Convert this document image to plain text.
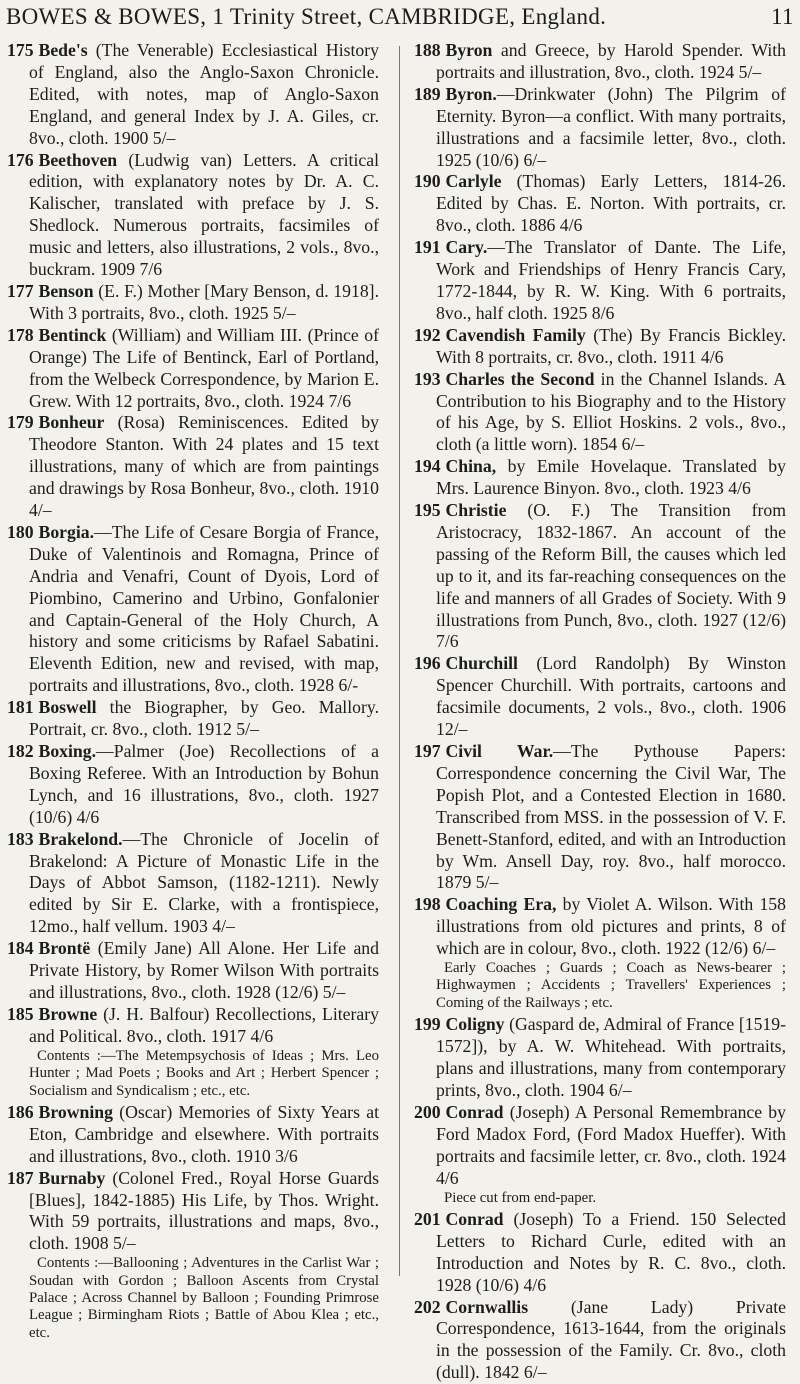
BOWES & BOWES, 1 Trinity Street, CAMBRIDGE, England.	11

175 Bede's (The Venerable) Ecclesiastical History of England, also the Anglo-Saxon Chronicle. Edited, with notes, map of Anglo-Saxon England, and general Index by J. A. Giles, cr. 8vo., cloth. 1900 5/–

176 Beethoven (Ludwig van) Letters. A critical edition, with explanatory notes by Dr. A. C. Kalischer, translated with preface by J. S. Shedlock. Numerous portraits, facsimiles of music and letters, also illustrations, 2 vols., 8vo., buckram. 1909 7/6

177 Benson (E. F.) Mother [Mary Benson, d. 1918]. With 3 portraits, 8vo., cloth. 1925 5/–

178 Bentinck (William) and William III. (Prince of Orange) The Life of Bentinck, Earl of Portland, from the Welbeck Correspondence, by Marion E. Grew. With 12 portraits, 8vo., cloth. 1924 7/6

179 Bonheur (Rosa) Reminiscences. Edited by Theodore Stanton. With 24 plates and 15 text illustrations, many of which are from paintings and drawings by Rosa Bonheur, 8vo., cloth. 1910 4/–

180 Borgia.—The Life of Cesare Borgia of France, Duke of Valentinois and Romagna, Prince of Andria and Venafri, Count of Dyois, Lord of Piombino, Camerino and Urbino, Gonfalonier and Captain-General of the Holy Church, A history and some criticisms by Rafael Sabatini. Eleventh Edition, new and revised, with map, portraits and illustrations, 8vo., cloth. 1928 6/-

181 Boswell the Biographer, by Geo. Mallory. Portrait, cr. 8vo., cloth. 1912 5/–

182 Boxing.—Palmer (Joe) Recollections of a Boxing Referee. With an Introduction by Bohun Lynch, and 16 illustrations, 8vo., cloth. 1927 (10/6) 4/6

183 Brakelond.—The Chronicle of Jocelin of Brakelond: A Picture of Monastic Life in the Days of Abbot Samson, (1182-1211). Newly edited by Sir E. Clarke, with a frontispiece, 12mo., half vellum. 1903 4/–

184 Brontë (Emily Jane) All Alone. Her Life and Private History, by Romer Wilson With portraits and illustrations, 8vo., cloth. 1928 (12/6) 5/–

185 Browne (J. H. Balfour) Recollections, Literary and Political. 8vo., cloth. 1917 4/6

Contents :—The Metempsychosis of Ideas ; Mrs. Leo Hunter ; Mad Poets ; Books and Art ; Herbert Spencer ; Socialism and Syndicalism ; etc., etc.

186 Browning (Oscar) Memories of Sixty Years at Eton, Cambridge and elsewhere. With portraits and illustrations, 8vo., cloth. 1910 3/6

187 Burnaby (Colonel Fred., Royal Horse Guards [Blues], 1842-1885) His Life, by Thos. Wright. With 59 portraits, illustrations and maps, 8vo., cloth. 1908 5/–

Contents :—Ballooning ; Adventures in the Carlist War ; Soudan with Gordon ; Balloon Ascents from Crystal Palace ; Across Channel by Balloon ; Founding Primrose League ; Birmingham Riots ; Battle of Abou Klea ; etc., etc.

188 Byron and Greece, by Harold Spender. With portraits and illustration, 8vo., cloth. 1924 5/–

189 Byron.—Drinkwater (John) The Pilgrim of Eternity. Byron—a conflict. With many portraits, illustrations and a facsimile letter, 8vo., cloth. 1925 (10/6) 6/–

190 Carlyle (Thomas) Early Letters, 1814-26. Edited by Chas. E. Norton. With portraits, cr. 8vo., cloth. 1886 4/6

191 Cary.—The Translator of Dante. The Life, Work and Friendships of Henry Francis Cary, 1772-1844, by R. W. King. With 6 portraits, 8vo., half cloth. 1925 8/6

192 Cavendish Family (The) By Francis Bickley. With 8 portraits, cr. 8vo., cloth. 1911 4/6

193 Charles the Second in the Channel Islands. A Contribution to his Biography and to the History of his Age, by S. Elliot Hoskins. 2 vols., 8vo., cloth (a little worn). 1854 6/–

194 China, by Emile Hovelaque. Translated by Mrs. Laurence Binyon. 8vo., cloth. 1923 4/6

195 Christie (O. F.) The Transition from Aristocracy, 1832-1867. An account of the passing of the Reform Bill, the causes which led up to it, and its far-reaching consequences on the life and manners of all Grades of Society. With 9 illustrations from Punch, 8vo., cloth. 1927 (12/6) 7/6

196 Churchill (Lord Randolph) By Winston Spencer Churchill. With portraits, cartoons and facsimile documents, 2 vols., 8vo., cloth. 1906 12/–

197 Civil War.—The Pythouse Papers: Correspondence concerning the Civil War, The Popish Plot, and a Contested Election in 1680. Transcribed from MSS. in the possession of V. F. Benett-Stanford, edited, and with an Introduction by Wm. Ansell Day, roy. 8vo., half morocco. 1879 5/–

198 Coaching Era, by Violet A. Wilson. With 158 illustrations from old pictures and prints, 8 of which are in colour, 8vo., cloth. 1922 (12/6) 6/–

Early Coaches ; Guards ; Coach as News-bearer ; Highwaymen ; Accidents ; Travellers' Experiences ; Coming of the Railways ; etc.

199 Coligny (Gaspard de, Admiral of France [1519-1572]), by A. W. Whitehead. With portraits, plans and illustrations, many from contemporary prints, 8vo., cloth. 1904 6/–

200 Conrad (Joseph) A Personal Remembrance by Ford Madox Ford, (Ford Madox Hueffer). With portraits and facsimile letter, cr. 8vo., cloth. 1924 4/6

Piece cut from end-paper.

201 Conrad (Joseph) To a Friend. 150 Selected Letters to Richard Curle, edited with an Introduction and Notes by R. C. 8vo., cloth. 1928 (10/6) 4/6

202 Cornwallis (Jane Lady) Private Correspondence, 1613-1644, from the originals in the possession of the Family. Cr. 8vo., cloth (dull). 1842 6/–
